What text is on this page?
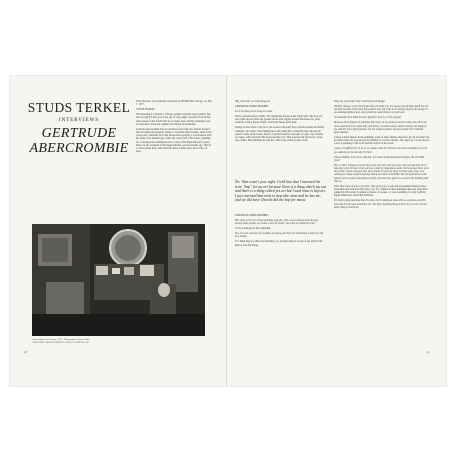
STUDS TERKEL
INTERVIEWS
GERTRUDE
ABERCROMBIE

This interview was originally broadcast on WFMT-FM, Chicago, on July 7, 1977.

STUDS TERKEL:

This morning is a tribute to Chicago painter Gertrude Abercrombie. She died on July [?] this year at the age of sixty-eight. Gertrude lived in that same house on the South Side for so many years and her paintings were an extension of herself, original and unique and enduring.

Gertrude Abercrombie had an enormous following; her friends decided that the memorial program, tribute to Gertrude Abercrombie, shall be her words, her comments and what better than replaying a conversation with her from a few months ago, while she was in bed at her house, planning for a retrospective exhibition of her works at the Hyde Park Art Center. That was the weekend of that huge blizzard, several months ago. That is a conversation then, with Gertrude Abercrombie and a few bottles of beer...

Abercrombie in her home, 1977. Photograph by Hope Bilbo.
GERTRUDE ABERCROMBIE PAPERS, COURTESY OF...

Hey, Gertrude. Let it all hang out.

GERTRUDE ABERCROMBIE:

Let it all hang out as long as it lasts.

That's Gertrude Abercrombie. I'm visiting her house on the South Side. She is not in one of her moods when the ground shows and wiggles around this house for years. Gertrude, with a friend of hers, recalls the house years later.

Sitting on the couch or the floor, the scene in the early days, Charlie Parker and Dizzy Gillespie, and others. I'm drinking beer and seeing this wonderful lady. Among the central rooms of the house, there is a picture done by Gertrude of a girl, very slender, of course, with long hair. She looks just like you. That was her self portrait for years, one of hers. Her paintings are like her. Their eyes, hands on the couch.

No. That wasn't your right. I told him that I invented the term "bop" for my art because there is a thing which my son and there is a thing called yes art but I said mine is bop art. I just invented that term to describe mine and he has me, and we did have Charlie did the bop for music.

GERTRUDE ABERCROMBIE:

Her voice, a bit sort of blue painting, and she, with a most curious look, moving among many people, as it were, a sort of clutter. The truth is I paint the truth.

It was a dialogue in the beginning.

Yes, not very usual for me to paint, you know, but then, it's interesting, I paint my self as a model...

So I think they're called 'sad paintings', no, because they're a book of me with all the kind of real life things.

They say you're her 'lady'? Are there such things?

Would I change? I just tell friends that art really. I'm, it's always myself that I paint but not actually because I don't feel that good in one, but I like it. It's always myself, but always in an autobiographical way. And I paint the same things over and over.

So naturally but I think I'd draw myself is all I do. I draw myself.

Because all my figures in paintings like these, in the pictures and it's really only all in the room, and there's the same stuff, and there's a woman always and it's always an image of me, and I'm not a figure painter, I'm not a figure painter because mostly I'm a realistic figure painter.

I mean a hand, figures in the paintings, some of these figures, they'd be all old, but that's the problem when one is portrayed in painting as a living creature, and, anyway, it is all done in a sort of painting of the room and the objects in the room.

I guess it's difficult for us to try to explain what her bits here are but in actuality it's art to see what the art is and why it's there.

This is whimsy. Let's stick with that. You went on the Federal Art Project, the old WPA days?

Yes, in 1934, I began a survey, they were very nice and very easy. The one and only who I had, they were the best. That was how I kept my head above water. In those days there were the artists' unions, because they were unions to work for them. In those days, they were looking for things to paint and they had a nice idea in the WPA. We'd be paid $23 a week and we were to paint a painting a month, and then they gave us a room in the building and that's it.

Well, that's nice of you to say that. They gave you a room and you painted things in there and paints and stuff and they'd pay you. So, I think for these paintings there are some that I painted in Wisconsin. I painted a picture of a house... it was a painting of a lady with her hands behind her, which the WPA has.

It's hard to find paintings that I've done, but I looking at some then a, you know, and this feels like it's the same and that's me. The most shocking thing is that I try it to see. It's the same thing I tried to do.

48	49
